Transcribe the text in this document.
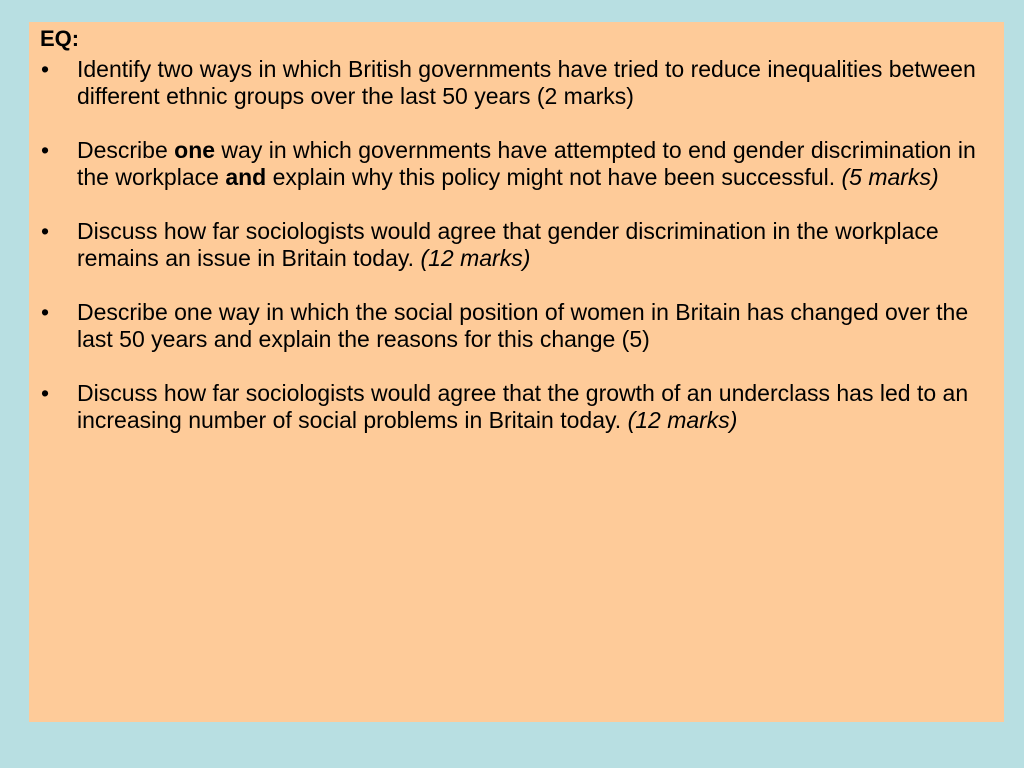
EQ:
• Identify two ways in which British governments have tried to reduce inequalities between different ethnic groups over the last 50 years (2 marks)
• Describe one way in which governments have attempted to end gender discrimination in the workplace and explain why this policy might not have been successful. (5 marks)
• Discuss how far sociologists would agree that gender discrimination in the workplace remains an issue in Britain today. (12 marks)
• Describe one way in which the social position of women in Britain has changed over the last 50 years and explain the reasons for this change (5)
• Discuss how far sociologists would agree that the growth of an underclass has led to an increasing number of social problems in Britain today. (12 marks)
